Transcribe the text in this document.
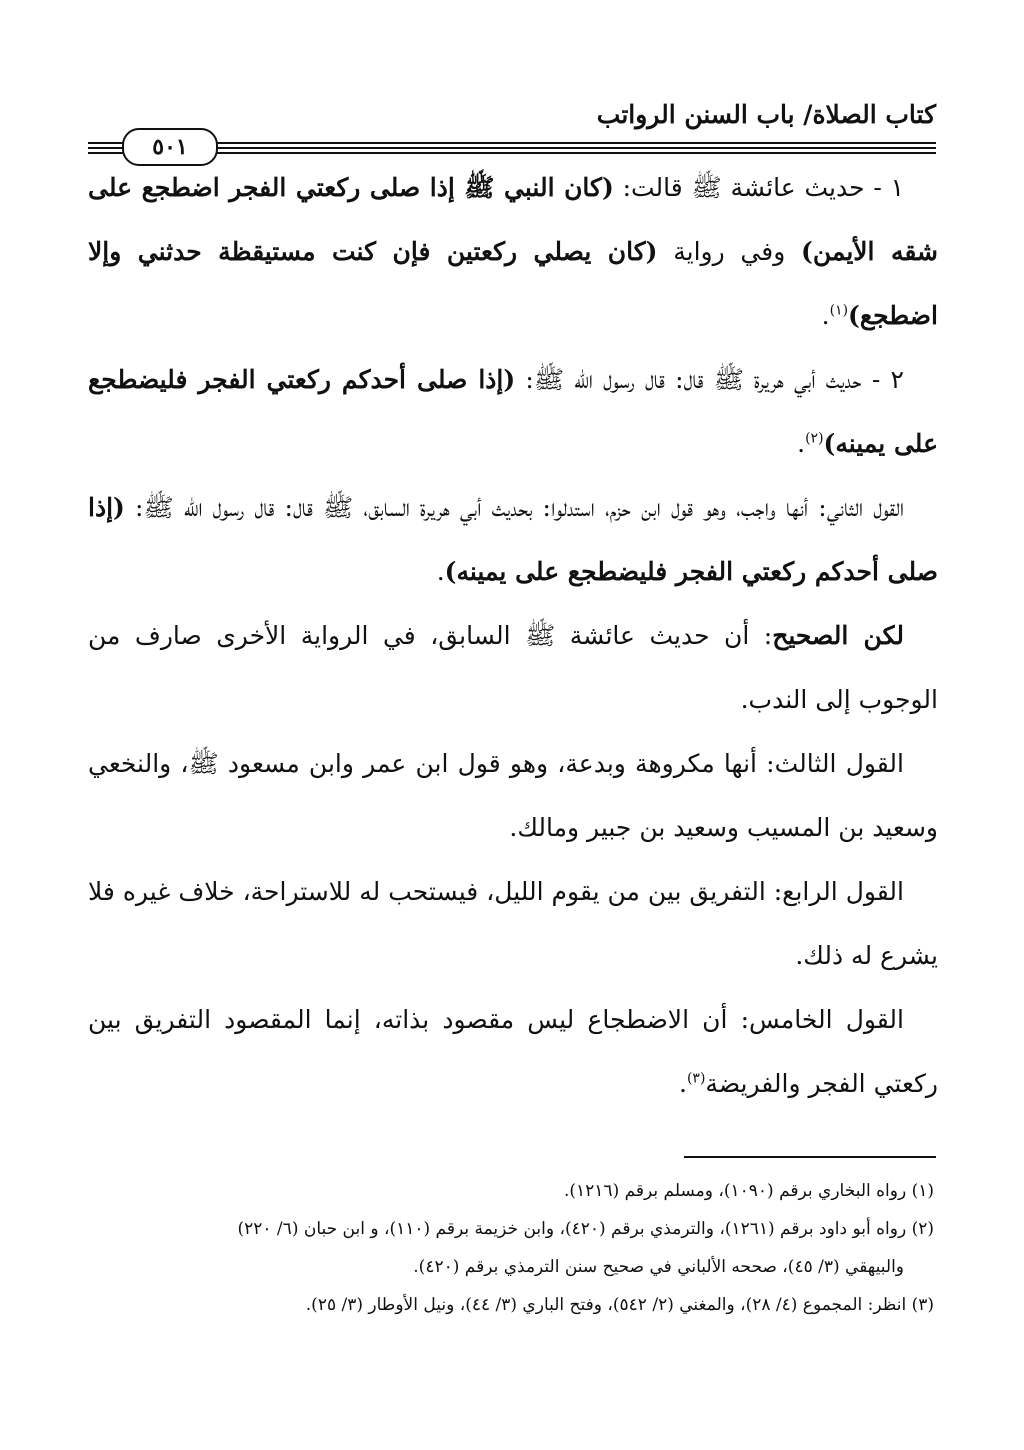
كتاب الصلاة/ باب السنن الرواتب
٥٠١

١ - حديث عائشة ﷺ قالت: (كان النبي ﷺ إذا صلى ركعتي الفجر اضطجع على شقه الأيمن) وفي رواية (كان يصلي ركعتين فإن كنت مستيقظة حدثني وإلا اضطجع)$^{(١)}$.

٢ - حديث أبي هريرة ﷺ قال: قال رسول الله ﷺ: (إذا صلى أحدكم ركعتي الفجر فليضطجع على يمينه)$^{(٢)}$.

القول الثاني: أنها واجب، وهو قول ابن حزم، استدلوا: بحديث أبي هريرة السابق، ﷺ قال: قال رسول الله ﷺ: (إذا صلى أحدكم ركعتي الفجر فليضطجع على يمينه).

لكن الصحيح: أن حديث عائشة ﷺ السابق، في الرواية الأخرى صارف من الوجوب إلى الندب.

القول الثالث: أنها مكروهة وبدعة، وهو قول ابن عمر وابن مسعود ﷺ، والنخعي وسعيد بن المسيب وسعيد بن جبير ومالك.

القول الرابع: التفريق بين من يقوم الليل، فيستحب له للاستراحة، خلاف غيره فلا يشرع له ذلك.

القول الخامس: أن الاضطجاع ليس مقصود بذاته، إنما المقصود التفريق بين ركعتي الفجر والفريضة$^{(٣)}$.

(١) رواه البخاري برقم (١٠٩٠)، ومسلم برقم (١٢١٦).

(٢) رواه أبو داود برقم (١٢٦١)، والترمذي برقم (٤٢٠)، وابن خزيمة برقم (١١٠)، و ابن حبان (٦/ ٢٢٠)

والبيهقي (٣/ ٤٥)، صححه الألباني في صحيح سنن الترمذي برقم (٤٢٠).

(٣) انظر: المجموع (٤/ ٢٨)، والمغني (٢/ ٥٤٢)، وفتح الباري (٣/ ٤٤)، ونيل الأوطار (٣/ ٢٥).
